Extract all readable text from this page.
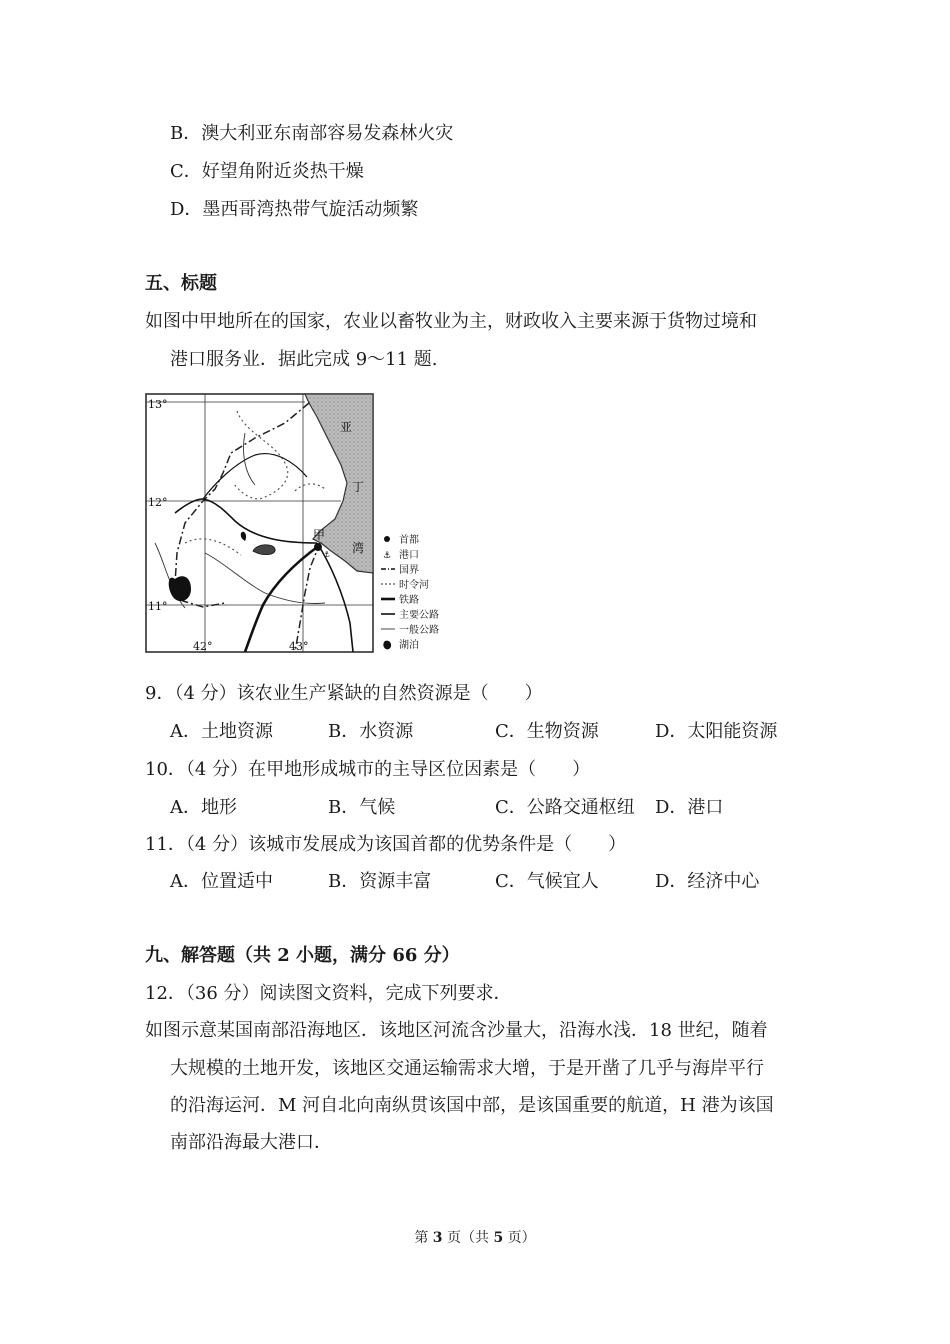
B．澳大利亚东南部容易发森林火灾
C．好望角附近炎热干燥
D．墨西哥湾热带气旋活动频繁
五、标题
如图中甲地所在的国家，农业以畜牧业为主，财政收入主要来源于货物过境和
港口服务业．据此完成 9～11 题.
甲
⚓
亚
丁
湾
13°
12°
11°
42°	43°
首都
⚓ 港口
国界
时令河
铁路
主要公路
一般公路
湖泊
9．（4 分）该农业生产紧缺的自然资源是（　　）
A．土地资源	B．水资源	C．生物资源	D．太阳能资源
10．（4 分）在甲地形成城市的主导区位因素是（　　）
A．地形	B．气候	C．公路交通枢纽 D．港口
11．（4 分）该城市发展成为该国首都的优势条件是（　　）
A．位置适中	B．资源丰富	C．气候宜人	D．经济中心
九、解答题（共 2 小题，满分 66 分）
12．（36 分）阅读图文资料，完成下列要求．
如图示意某国南部沿海地区．该地区河流含沙量大，沿海水浅．18 世纪，随着
大规模的土地开发，该地区交通运输需求大增，于是开凿了几乎与海岸平行
的沿海运河．M 河自北向南纵贯该国中部，是该国重要的航道，H 港为该国
南部沿海最大港口．
第 3 页（共 5 页）
